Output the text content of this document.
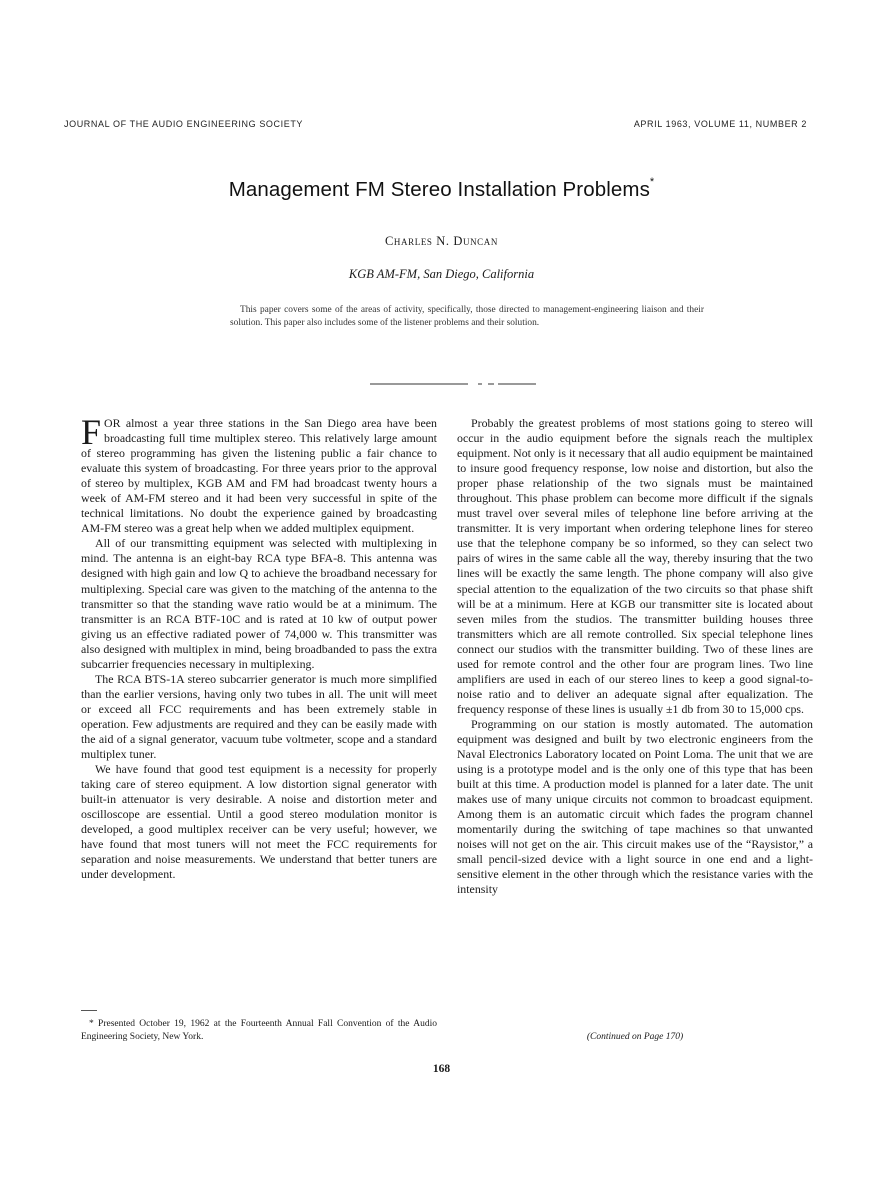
JOURNAL OF THE AUDIO ENGINEERING SOCIETY	APRIL 1963, VOLUME 11, NUMBER 2
Management FM Stereo Installation Problems*
Charles N. Duncan
KGB AM-FM, San Diego, California
This paper covers some of the areas of activity, specifically, those directed to management-engineering liaison and their solution. This paper also includes some of the listener problems and their solution.

FOR almost a year three stations in the San Diego area have been broadcasting full time multiplex stereo. This relatively large amount of stereo programming has given the listening public a fair chance to evaluate this system of broadcasting. For three years prior to the approval of stereo by multiplex, KGB AM and FM had broadcast twenty hours a week of AM-FM stereo and it had been very successful in spite of the technical limitations. No doubt the experience gained by broadcasting AM-FM stereo was a great help when we added multiplex equipment.

All of our transmitting equipment was selected with multiplexing in mind. The antenna is an eight-bay RCA type BFA-8. This antenna was designed with high gain and low Q to achieve the broadband necessary for multiplexing. Special care was given to the matching of the antenna to the transmitter so that the standing wave ratio would be at a minimum. The transmitter is an RCA BTF-10C and is rated at 10 kw of output power giving us an effective radiated power of 74,000 w. This transmitter was also designed with multiplex in mind, being broadbanded to pass the extra subcarrier frequencies necessary in multiplexing.

The RCA BTS-1A stereo subcarrier generator is much more simplified than the earlier versions, having only two tubes in all. The unit will meet or exceed all FCC requirements and has been extremely stable in operation. Few adjustments are required and they can be easily made with the aid of a signal generator, vacuum tube voltmeter, scope and a standard multiplex tuner.

We have found that good test equipment is a necessity for properly taking care of stereo equipment. A low distortion signal generator with built-in attenuator is very desirable. A noise and distortion meter and oscilloscope are essential. Until a good stereo modulation monitor is developed, a good multiplex receiver can be very useful; however, we have found that most tuners will not meet the FCC requirements for separation and noise measurements. We understand that better tuners are under development.

Probably the greatest problems of most stations going to stereo will occur in the audio equipment before the signals reach the multiplex equipment. Not only is it necessary that all audio equipment be maintained to insure good frequency response, low noise and distortion, but also the proper phase relationship of the two signals must be maintained throughout. This phase problem can become more difficult if the signals must travel over several miles of telephone line before arriving at the transmitter. It is very important when ordering telephone lines for stereo use that the telephone company be so informed, so they can select two pairs of wires in the same cable all the way, thereby insuring that the two lines will be exactly the same length. The phone company will also give special attention to the equalization of the two circuits so that phase shift will be at a minimum. Here at KGB our transmitter site is located about seven miles from the studios. The transmitter building houses three transmitters which are all remote controlled. Six special telephone lines connect our studios with the transmitter building. Two of these lines are used for remote control and the other four are program lines. Two line amplifiers are used in each of our stereo lines to keep a good signal-to-noise ratio and to deliver an adequate signal after equalization. The frequency response of these lines is usually ±1 db from 30 to 15,000 cps.

Programming on our station is mostly automated. The automation equipment was designed and built by two electronic engineers from the Naval Electronics Laboratory located on Point Loma. The unit that we are using is a prototype model and is the only one of this type that has been built at this time. A production model is planned for a later date. The unit makes use of many unique circuits not common to broadcast equipment. Among them is an automatic circuit which fades the program channel momentarily during the switching of tape machines so that unwanted noises will not get on the air. This circuit makes use of the “Raysistor,” a small pencil-sized device with a light source in one end and a light-sensitive element in the other through which the resistance varies with the intensity

* Presented October 19, 1962 at the Fourteenth Annual Fall Convention of the Audio Engineering Society, New York.	(Continued on Page 170)
168
